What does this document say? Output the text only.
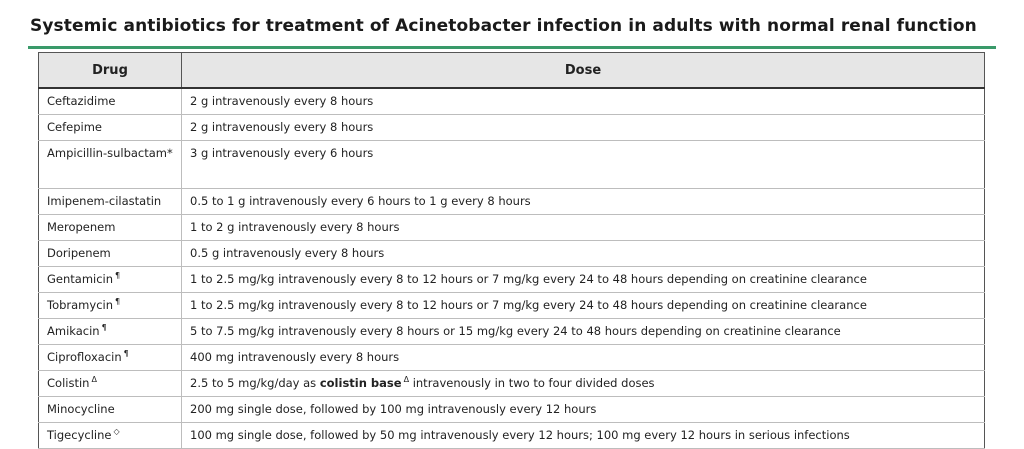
Systemic antibiotics for treatment of Acinetobacter infection in adults with normal renal function
Drug	Dose
Ceftazidime	2 g intravenously every 8 hours
Cefepime	2 g intravenously every 8 hours
Ampicillin-sulbactam*	3 g intravenously every 6 hours
Imipenem-cilastatin	0.5 to 1 g intravenously every 6 hours to 1 g every 8 hours
Meropenem	1 to 2 g intravenously every 8 hours
Doripenem	0.5 g intravenously every 8 hours
Gentamicin ¶	1 to 2.5 mg/kg intravenously every 8 to 12 hours or 7 mg/kg every 24 to 48 hours depending on creatinine clearance
Tobramycin ¶	1 to 2.5 mg/kg intravenously every 8 to 12 hours or 7 mg/kg every 24 to 48 hours depending on creatinine clearance
Amikacin ¶	5 to 7.5 mg/kg intravenously every 8 hours or 15 mg/kg every 24 to 48 hours depending on creatinine clearance
Ciprofloxacin ¶	400 mg intravenously every 8 hours
Colistin $^\Delta$	2.5 to 5 mg/kg/day as colistin base $^\Delta$ intravenously in two to four divided doses
Minocycline	200 mg single dose, followed by 100 mg intravenously every 12 hours
Tigecycline ◇	100 mg single dose, followed by 50 mg intravenously every 12 hours; 100 mg every 12 hours in serious infections
